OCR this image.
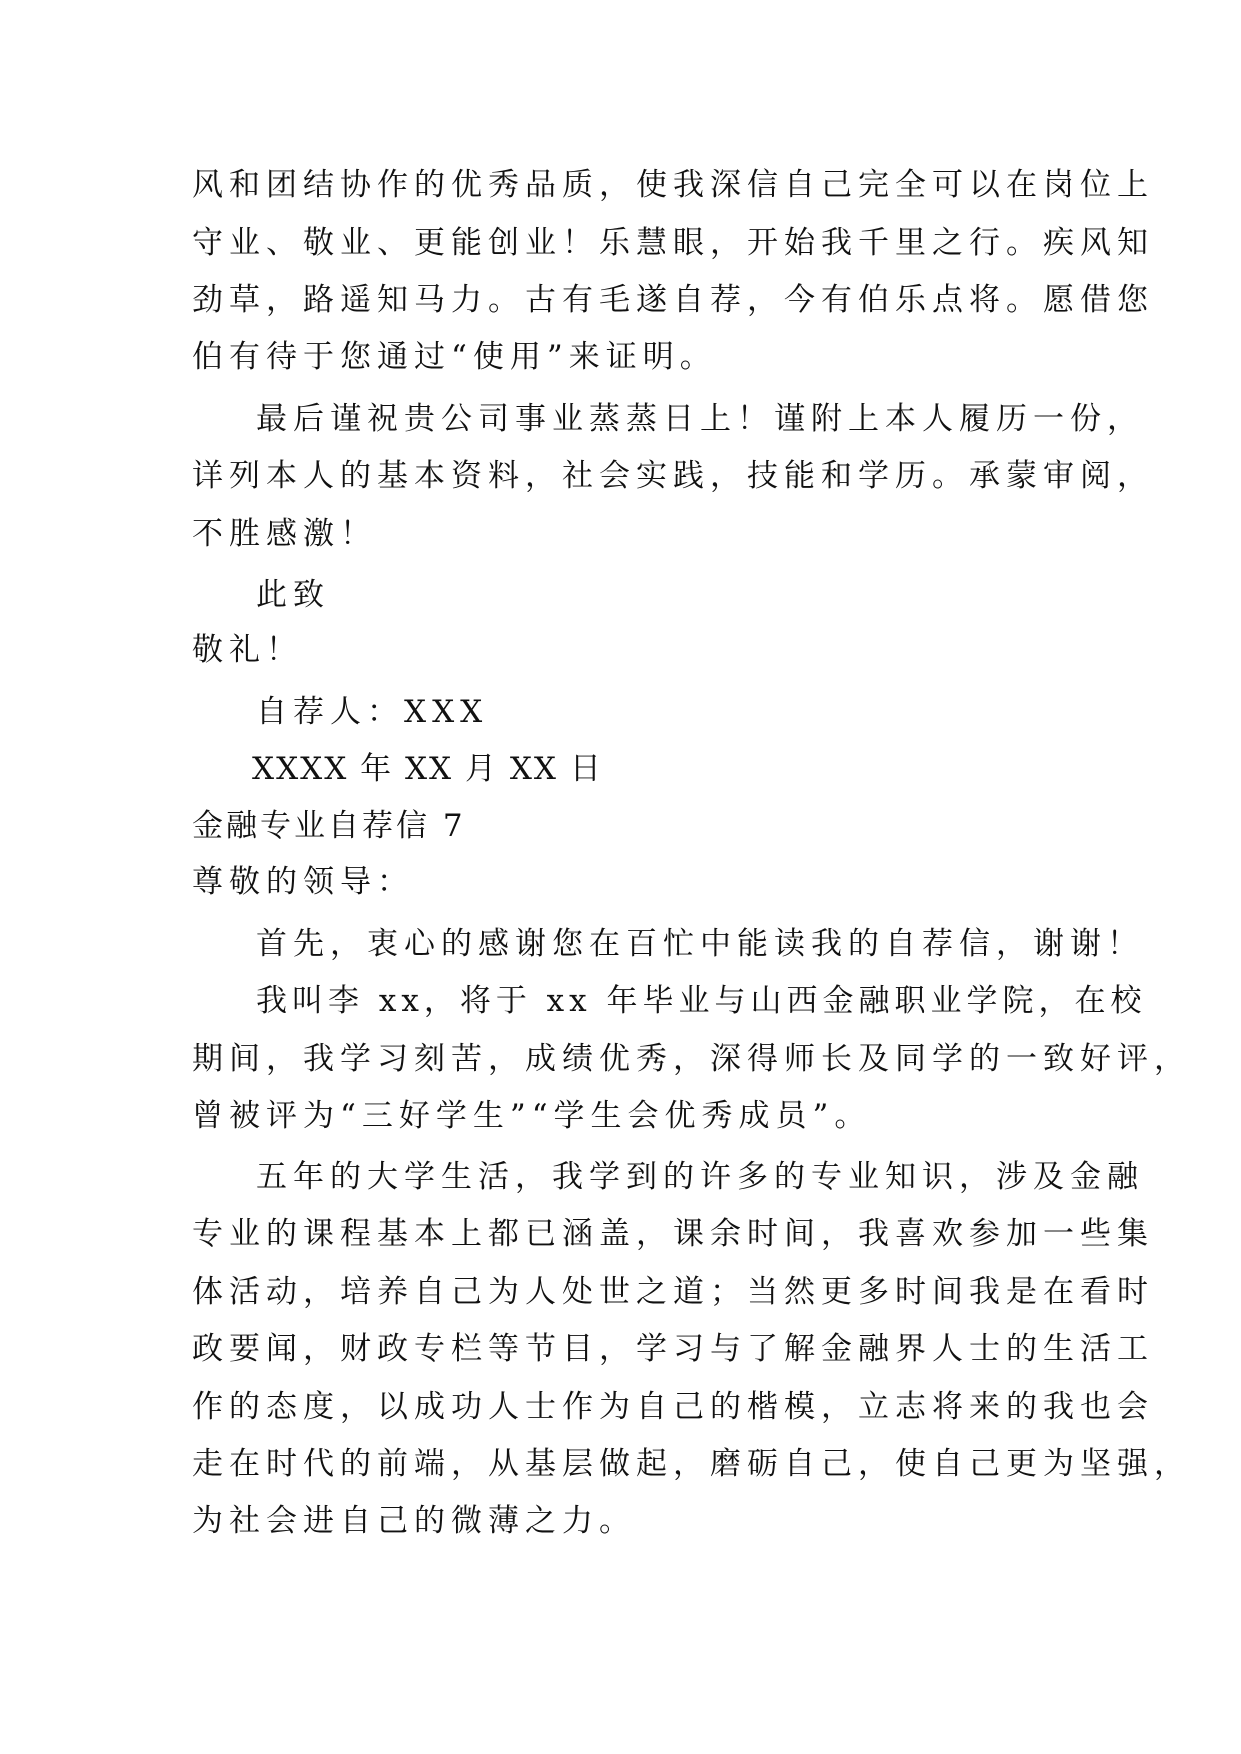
风和团结协作的优秀品质，使我深信自己完全可以在岗位上
守业、敬业、更能创业！乐慧眼，开始我千里之行。疾风知
劲草，路遥知马力。古有毛遂自荐，今有伯乐点将。愿借您
伯有待于您通过“使用”来证明。
最后谨祝贵公司事业蒸蒸日上！谨附上本人履历一份，
详列本人的基本资料，社会实践，技能和学历。承蒙审阅，
不胜感激！
此致
敬礼！
自荐人：XXX
XXXX 年 XX 月 XX 日
金融专业自荐信 7
尊敬的领导：
首先，衷心的感谢您在百忙中能读我的自荐信，谢谢！
我叫李 xx，将于 xx 年毕业与山西金融职业学院，在校
期间，我学习刻苦，成绩优秀，深得师长及同学的一致好评，
曾被评为“三好学生”“学生会优秀成员”。
五年的大学生活，我学到的许多的专业知识，涉及金融
专业的课程基本上都已涵盖，课余时间，我喜欢参加一些集
体活动，培养自己为人处世之道；当然更多时间我是在看时
政要闻，财政专栏等节目，学习与了解金融界人士的生活工
作的态度，以成功人士作为自己的楷模，立志将来的我也会
走在时代的前端，从基层做起，磨砺自己，使自己更为坚强，
为社会进自己的微薄之力。
